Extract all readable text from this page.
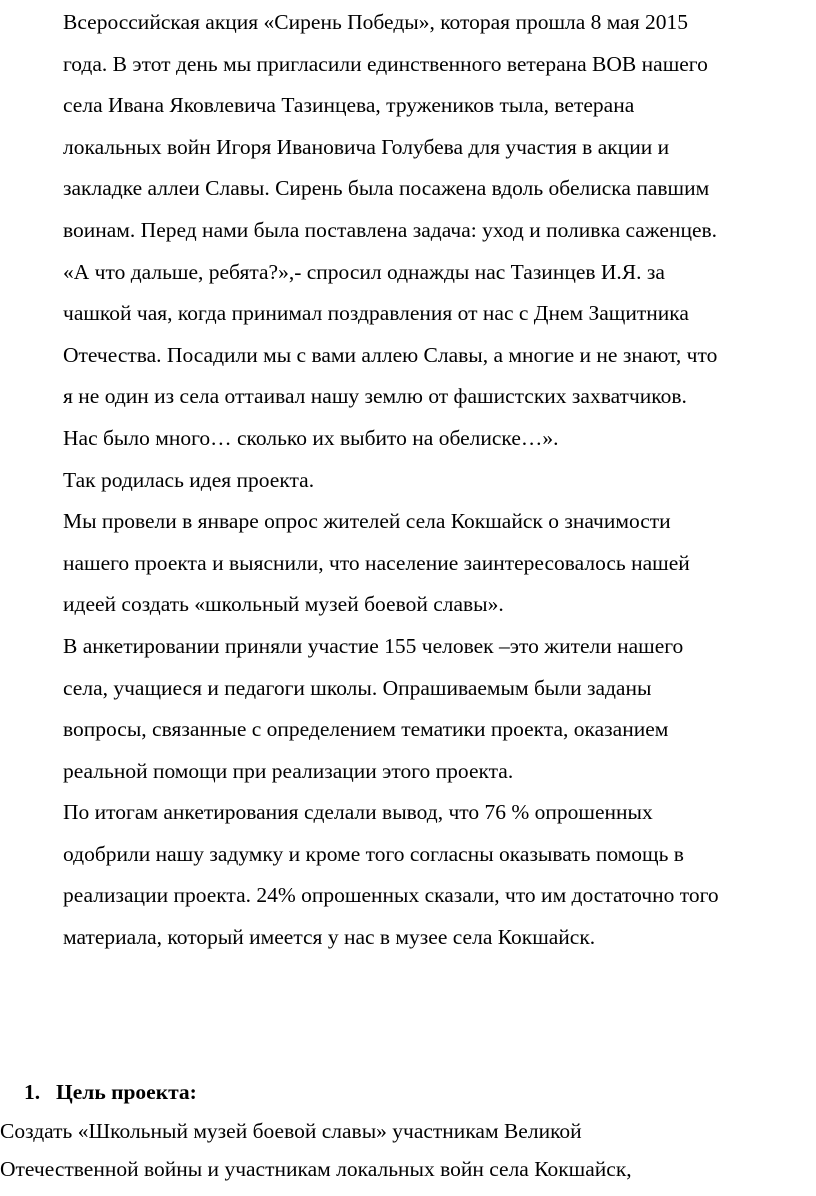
Всероссийская акция «Сирень Победы», которая прошла 8 мая 2015
года. В этот день мы пригласили единственного ветерана ВОВ нашего
села Ивана Яковлевича Тазинцева, тружеников тыла, ветерана
локальных войн Игоря Ивановича Голубева для участия в акции и
закладке аллеи Славы. Сирень была посажена вдоль обелиска павшим
воинам. Перед нами была поставлена задача: уход и поливка саженцев.
«А что дальше, ребята?»,- спросил однажды нас Тазинцев И.Я. за
чашкой чая, когда принимал поздравления от нас с Днем Защитника
Отечества. Посадили мы с вами аллею Славы, а многие и не знают, что
я не один из села оттаивал нашу землю от фашистских захватчиков.
Нас было много… сколько их выбито на обелиске…».
Так родилась идея проекта.
Мы провели в январе опрос жителей села Кокшайск о значимости
нашего проекта и выяснили, что население заинтересовалось нашей
идеей создать «школьный музей боевой славы».
В анкетировании приняли участие 155 человек –это жители нашего
села, учащиеся и педагоги школы. Опрашиваемым были заданы
вопросы, связанные с определением тематики проекта, оказанием
реальной помощи при реализации этого проекта.
По итогам анкетирования сделали вывод, что 76 % опрошенных
одобрили нашу задумку и кроме того согласны оказывать помощь в
реализации проекта. 24% опрошенных сказали, что им достаточно того
материала, который имеется у нас в музее села Кокшайск.
1. Цель проекта:
Создать «Школьный музей боевой славы» участникам Великой
Отечественной войны и участникам локальных войн села Кокшайск,
